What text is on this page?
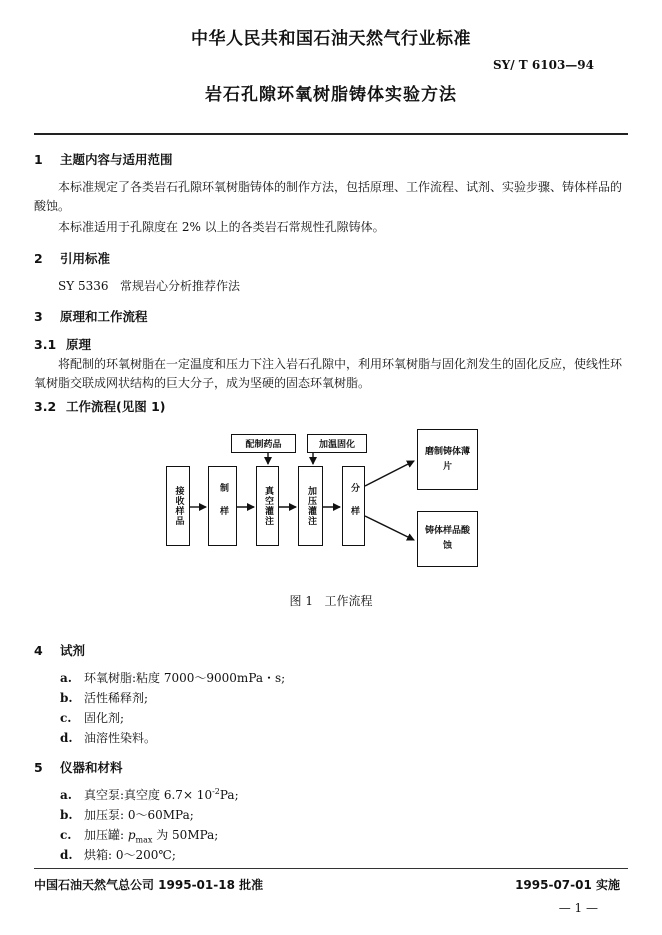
中华人民共和国石油天然气行业标准
SY/ T 6103—94
岩石孔隙环氧树脂铸体实验方法
1 主题内容与适用范围
本标准规定了各类岩石孔隙环氧树脂铸体的制作方法，包括原理、工作流程、试剂、实验步骤、铸体样品的酸蚀。
本标准适用于孔隙度在 2% 以上的各类岩石常规性孔隙铸体。
2 引用标准
SY 5336 常规岩心分析推荐作法
3 原理和工作流程
3.1 原理
将配制的环氧树脂在一定温度和压力下注入岩石孔隙中，利用环氧树脂与固化剂发生的固化反应，使线性环氧树脂交联成网状结构的巨大分子，成为坚硬的固态环氧树脂。
3.2 工作流程(见图 1)
接收样品	制样	真空灌注	加压灌注	分样
配制药品	加温固化
磨制铸体薄片
铸体样品酸蚀
图 1 工作流程
4 试剂
a. 环氧树脂:粘度 7000～9000mPa・s;
b. 活性稀释剂;
c. 固化剂;
d. 油溶性染料。
5 仪器和材料
a. 真空泵:真空度 $6.7\times 10^{-2}Pa$;
b. 加压泵: 0～60MPa;
c. 加压罐: $p_{max}$ 为 50MPa;
d. 烘箱: 0～200℃;
中国石油天然气总公司 1995-01-18 批准	1995-07-01 实施
— 1 —
